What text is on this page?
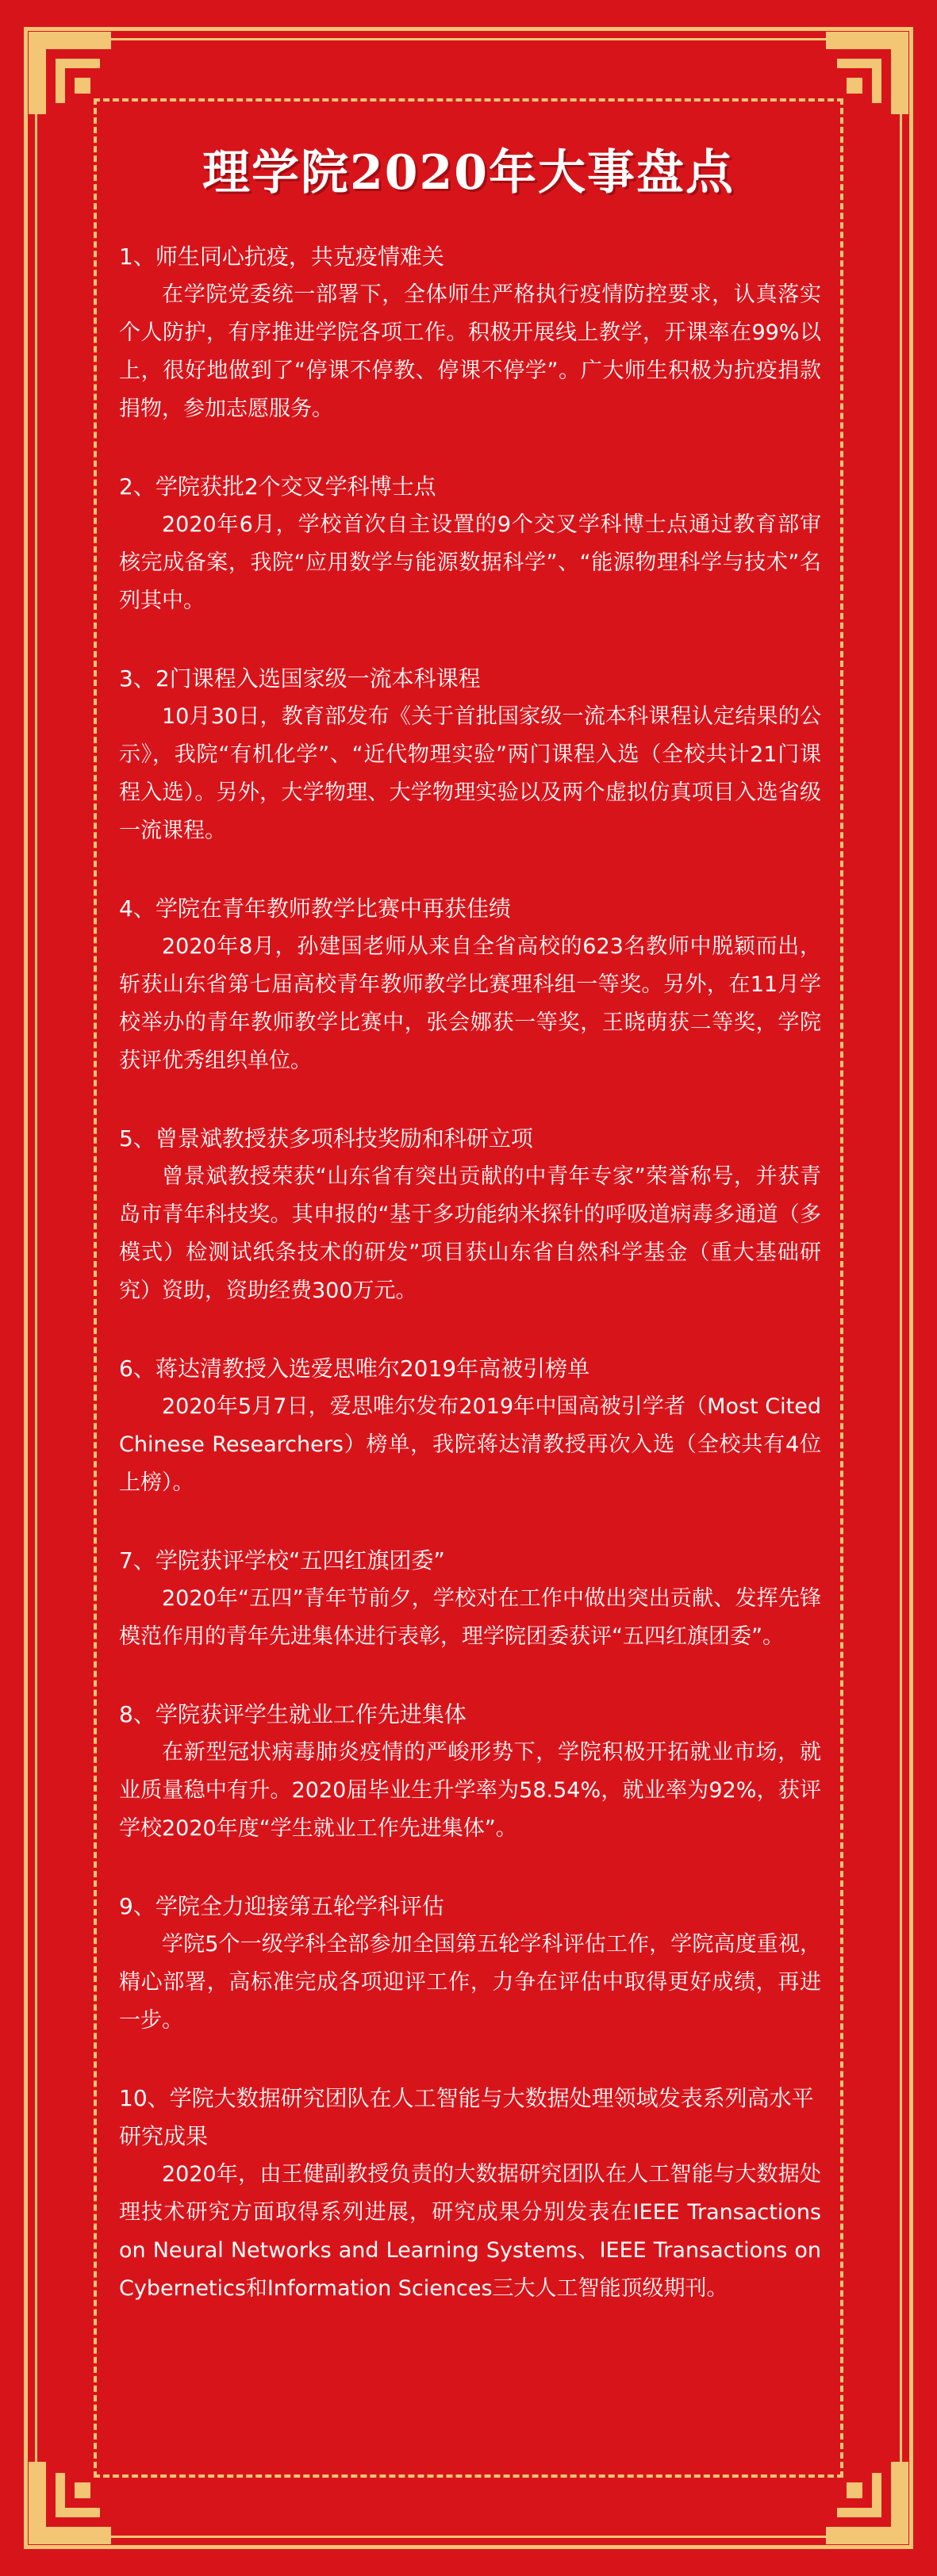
理学院2020年大事盘点

1、师生同心抗疫，共克疫情难关

在学院党委统一部署下，全体师生严格执行疫情防控要求，认真落实个人防护，有序推进学院各项工作。积极开展线上教学，开课率在99%以上，很好地做到了“停课不停教、停课不停学”。广大师生积极为抗疫捐款捐物，参加志愿服务。

2、学院获批2个交叉学科博士点

2020年6月，学校首次自主设置的9个交叉学科博士点通过教育部审核完成备案，我院“应用数学与能源数据科学”、“能源物理科学与技术”名列其中。

3、2门课程入选国家级一流本科课程

10月30日，教育部发布《关于首批国家级一流本科课程认定结果的公示》，我院“有机化学”、“近代物理实验”两门课程入选（全校共计21门课程入选）。另外，大学物理、大学物理实验以及两个虚拟仿真项目入选省级一流课程。

4、学院在青年教师教学比赛中再获佳绩

2020年8月，孙建国老师从来自全省高校的623名教师中脱颖而出，斩获山东省第七届高校青年教师教学比赛理科组一等奖。另外，在11月学校举办的青年教师教学比赛中，张会娜获一等奖，王晓萌获二等奖，学院获评优秀组织单位。

5、曾景斌教授获多项科技奖励和科研立项

曾景斌教授荣获“山东省有突出贡献的中青年专家”荣誉称号，并获青岛市青年科技奖。其申报的“基于多功能纳米探针的呼吸道病毒多通道（多模式）检测试纸条技术的研发”项目获山东省自然科学基金（重大基础研究）资助，资助经费300万元。

6、蒋达清教授入选爱思唯尔2019年高被引榜单

2020年5月7日，爱思唯尔发布2019年中国高被引学者（Most Cited Chinese Researchers）榜单，我院蒋达清教授再次入选（全校共有4位上榜）。

7、学院获评学校“五四红旗团委”

2020年“五四”青年节前夕，学校对在工作中做出突出贡献、发挥先锋模范作用的青年先进集体进行表彰，理学院团委获评“五四红旗团委”。

8、学院获评学生就业工作先进集体

在新型冠状病毒肺炎疫情的严峻形势下，学院积极开拓就业市场，就业质量稳中有升。2020届毕业生升学率为58.54%，就业率为92%，获评学校2020年度“学生就业工作先进集体”。

9、学院全力迎接第五轮学科评估

学院5个一级学科全部参加全国第五轮学科评估工作，学院高度重视，精心部署，高标准完成各项迎评工作，力争在评估中取得更好成绩，再进一步。

10、学院大数据研究团队在人工智能与大数据处理领域发表系列高水平研究成果

2020年，由王健副教授负责的大数据研究团队在人工智能与大数据处理技术研究方面取得系列进展，研究成果分别发表在IEEE Transactions on Neural Networks and Learning Systems、IEEE Transactions on Cybernetics和Information Sciences三大人工智能顶级期刊。
